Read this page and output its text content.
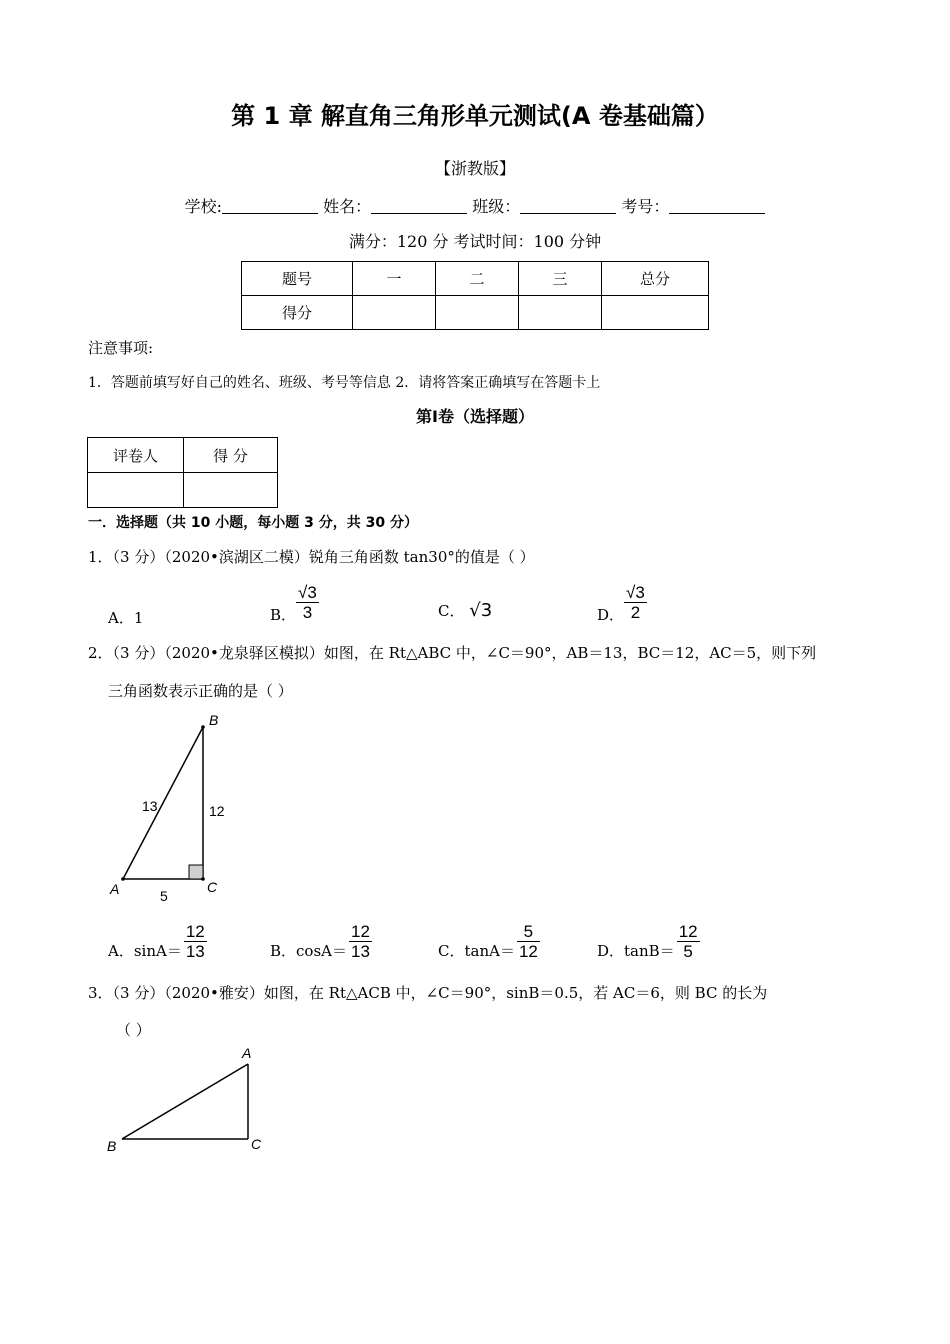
第 1 章 解直角三角形单元测试(A 卷基础篇）
【浙教版】
学校:	姓名：	班级：	考号：
满分：120 分 考试时间：100 分钟
题号	一	二	三	总分
得分				
注意事项:
1．答题前填写好自己的姓名、班级、考号等信息 2．请将答案正确填写在答题卡上
第Ⅰ卷（选择题）
评卷人	得 分

一．选择题（共 10 小题，每小题 3 分，共 30 分）
1．（3 分）（2020•滨湖区二模）锐角三角函数 tan30°的值是（ ）
A．1	B． $\frac{√3}{3}$	C． √3	D． $\frac{√3}{2}$
2．（3 分）（2020•龙泉驿区模拟）如图，在 Rt△ABC 中，∠C＝90°，AB＝13，BC＝12，AC＝5，则下列
三角函数表示正确的是（ ）
B
A	C
13	12
5
A．$\sin A= \frac{12}{13}$	B．$\cos A= \frac{12}{13}$	C．$\tan A= \frac{5}{12}$	D．$\tan B= \frac{12}{5}$
3．（3 分）（2020•雅安）如图，在 Rt△ACB 中，∠C＝90°，sinB＝0.5，若 AC＝6，则 BC 的长为
（ ）
A
B	C
